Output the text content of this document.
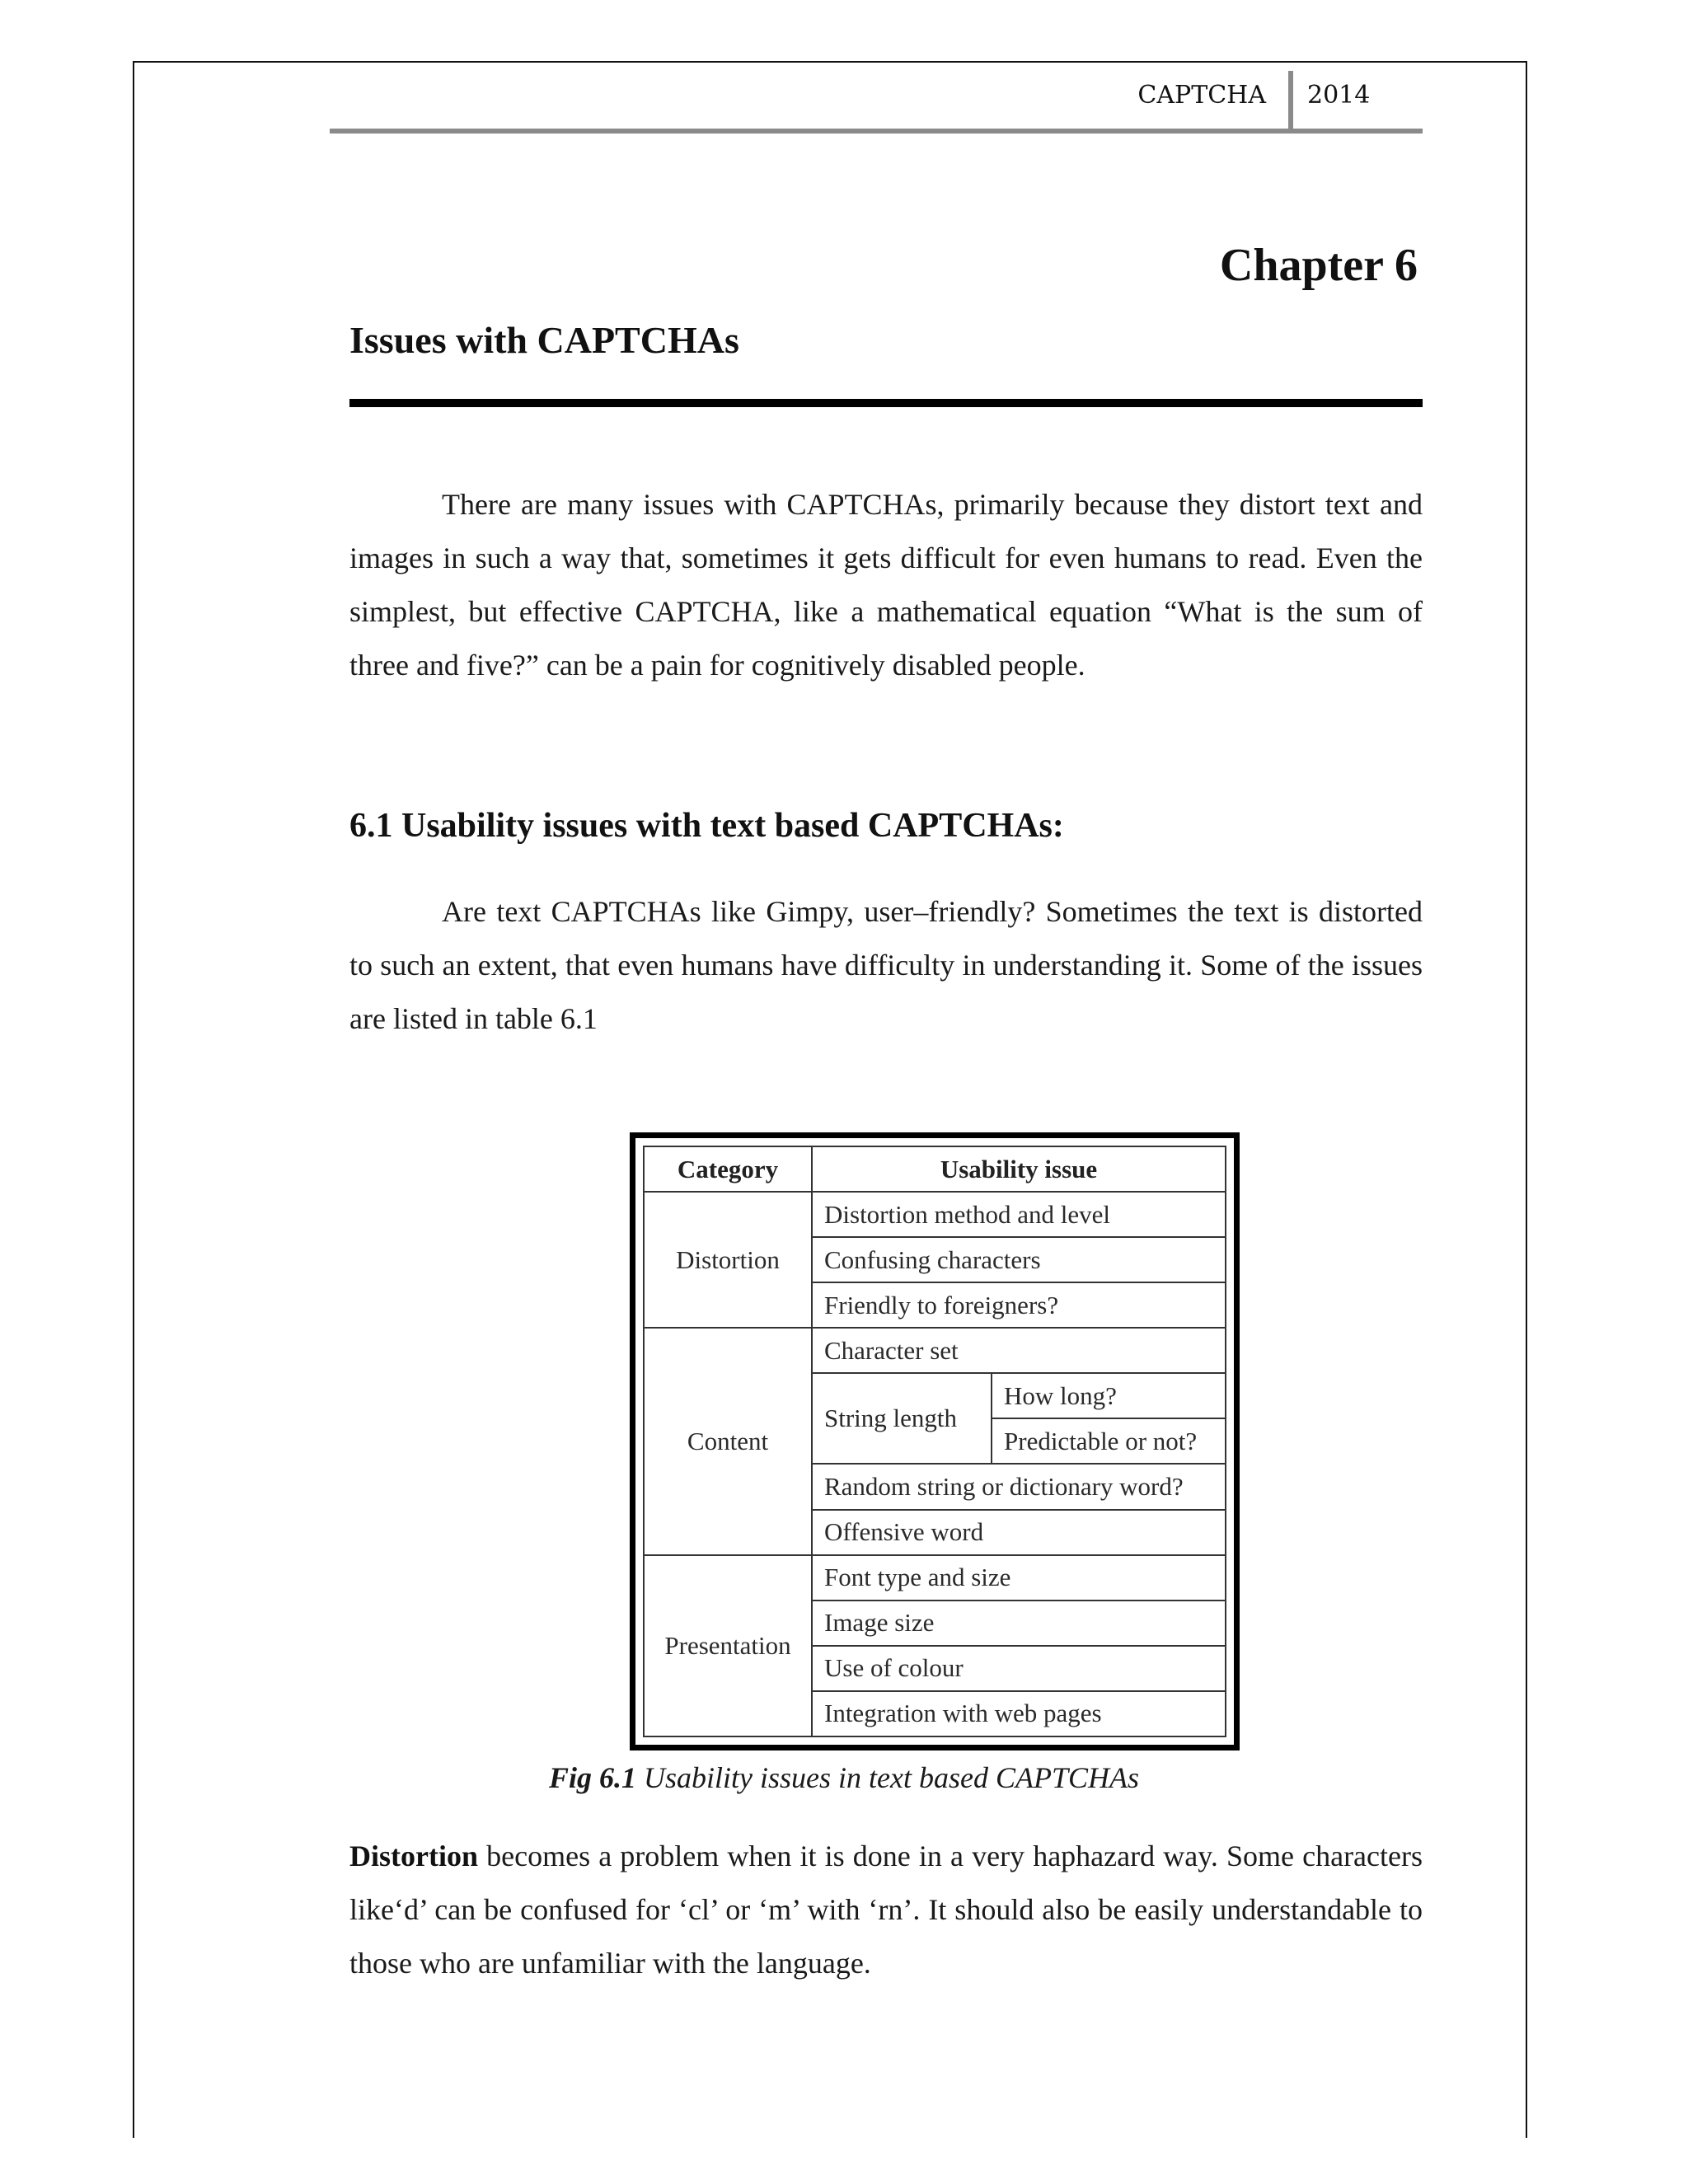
CAPTCHA 2014
Chapter 6
Issues with CAPTCHAs
There are many issues with CAPTCHAs, primarily because they distort text and images in such a way that, sometimes it gets difficult for even humans to read. Even the simplest, but effective CAPTCHA, like a mathematical equation “What is the sum of three and five?” can be a pain for cognitively disabled people.
6.1 Usability issues with text based CAPTCHAs:
Are text CAPTCHAs like Gimpy, user–friendly? Sometimes the text is distorted to such an extent, that even humans have difficulty in understanding it. Some of the issues are listed in table 6.1
Category	Usability issue	
Distortion	Distortion method and level	
	Confusing characters	
	Friendly to foreigners?	
Content	Character set	
	String length	How long?
		Predictable or not?
	Random string or dictionary word?	
	Offensive word	
Presentation	Font type and size	
	Image size	
	Use of colour	
	Integration with web pages	
Fig 6.1 Usability issues in text based CAPTCHAs
Distortion becomes a problem when it is done in a very haphazard way. Some characters like‘d’ can be confused for ‘cl’ or ‘m’ with ‘rn’. It should also be easily understandable to those who are unfamiliar with the language.
